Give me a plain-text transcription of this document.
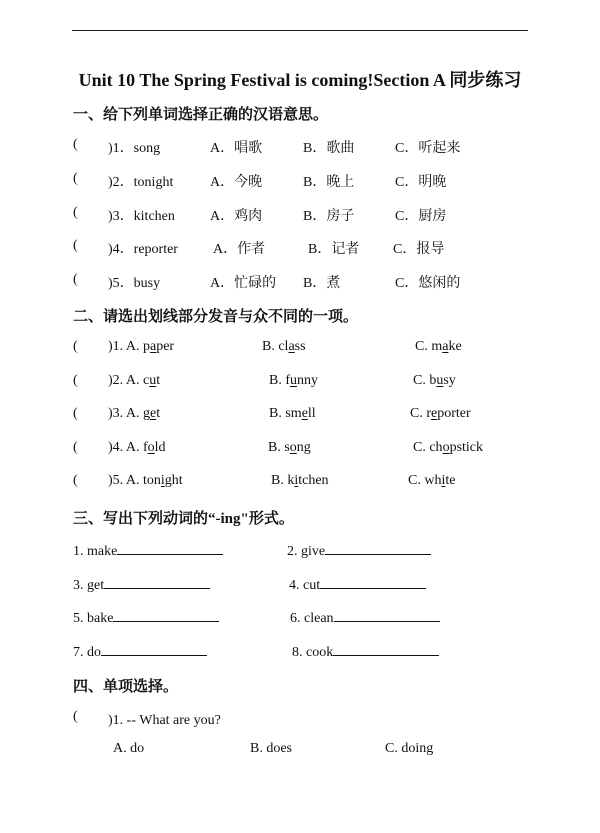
Unit 10 The Spring Festival is coming!Section A 同步练习
一、给下列单词选择正确的汉语意思。
( )1．song	A．唱歌	B．歌曲	C．听起来
( )2．tonight	A．今晚	B．晚上	C．明晚
( )3．kitchen	A．鸡肉	B．房子	C．厨房
( )4．reporter	A．作者	B．记者 C．报导
( )5．busy	A．忙碌的 B．煮	C．悠闲的
二、请选出划线部分发音与众不同的一项。
( )1. A. paper	B. class	C. make
( )2. A. cut	B. funny	C. busy
( )3. A. get	B. smell	C. reporter
( )4. A. fold	B. song	C. chopstick
( )5. A. tonight	B. kitchen	C. white
三、写出下列动词的“-ing"形式。
1. make	2. give
3. get	4. cut
5. bake	6. clean
7. do	8. cook
四、单项选择。
( )1. -- What are you
?
A. do	B. does	C. doing
